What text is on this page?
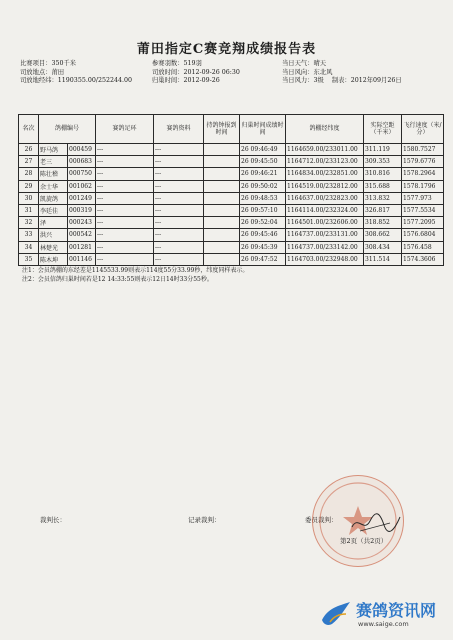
莆田指定C赛竞翔成绩报告表
比赛项目：350千米
司放地点：莆田
司放地经纬：1190355.00/252244.00
参赛羽数：519羽
司放时间：2012-09-26 06:30
归巢时间：2012-09-26
当日天气：晴天
当日风向：东北风
当日风力：3级 制表：2012年09月26日
名次	鸽棚编号		赛鸽足环	赛鸽资料	持鸽钟报到时间	归巢时间成绩时间	鸽棚经纬度	实际空距（千米）	飞行速度（米/分）
26	野马鸽	000459	---	---		26 09:46:49	1164659.00/233011.00	311.119	1580.7527
27	老三	000683	---	---		26 09:45:50	1164712.00/233123.00	309.353	1579.6776
28	陈壮稽	000750	---	---		26 09:46:21	1164834.00/232851.00	310.816	1578.2964
29	余士华	001062	---	---		26 09:50:02	1164519.00/232812.00	315.688	1578.1796
30	凯旋鸽	001249	---	---		26 09:48:53	1164637.00/232823.00	313.832	1577.973
31	李廷佳	000319	---	---		26 09:57:10	1164114.00/232324.00	326.817	1577.5534
32	泽	000243	---	---		26 09:52:04	1164501.00/232606.00	318.852	1577.2095
33	洪兴	000542	---	---		26 09:45:46	1164737.00/233131.00	308.662	1576.6804
34	林楚光	001281	---	---		26 09:45:39	1164737.00/233142.00	308.434	1576.458
35	陈木坤	001146	---	---		26 09:47:52	1164703.00/232948.00	311.514	1574.3606
注1：会员鸽棚的东经差是1145533.99则表示114度55分33.99秒，纬度同样表示。
注2：会员信鸽归巢时间若是12 14:33:55则表示12日14时33分55秒。
裁判长：	记录裁判：	委员裁判：
第2页（共2页）
赛鸽资讯网
www.saige.com
